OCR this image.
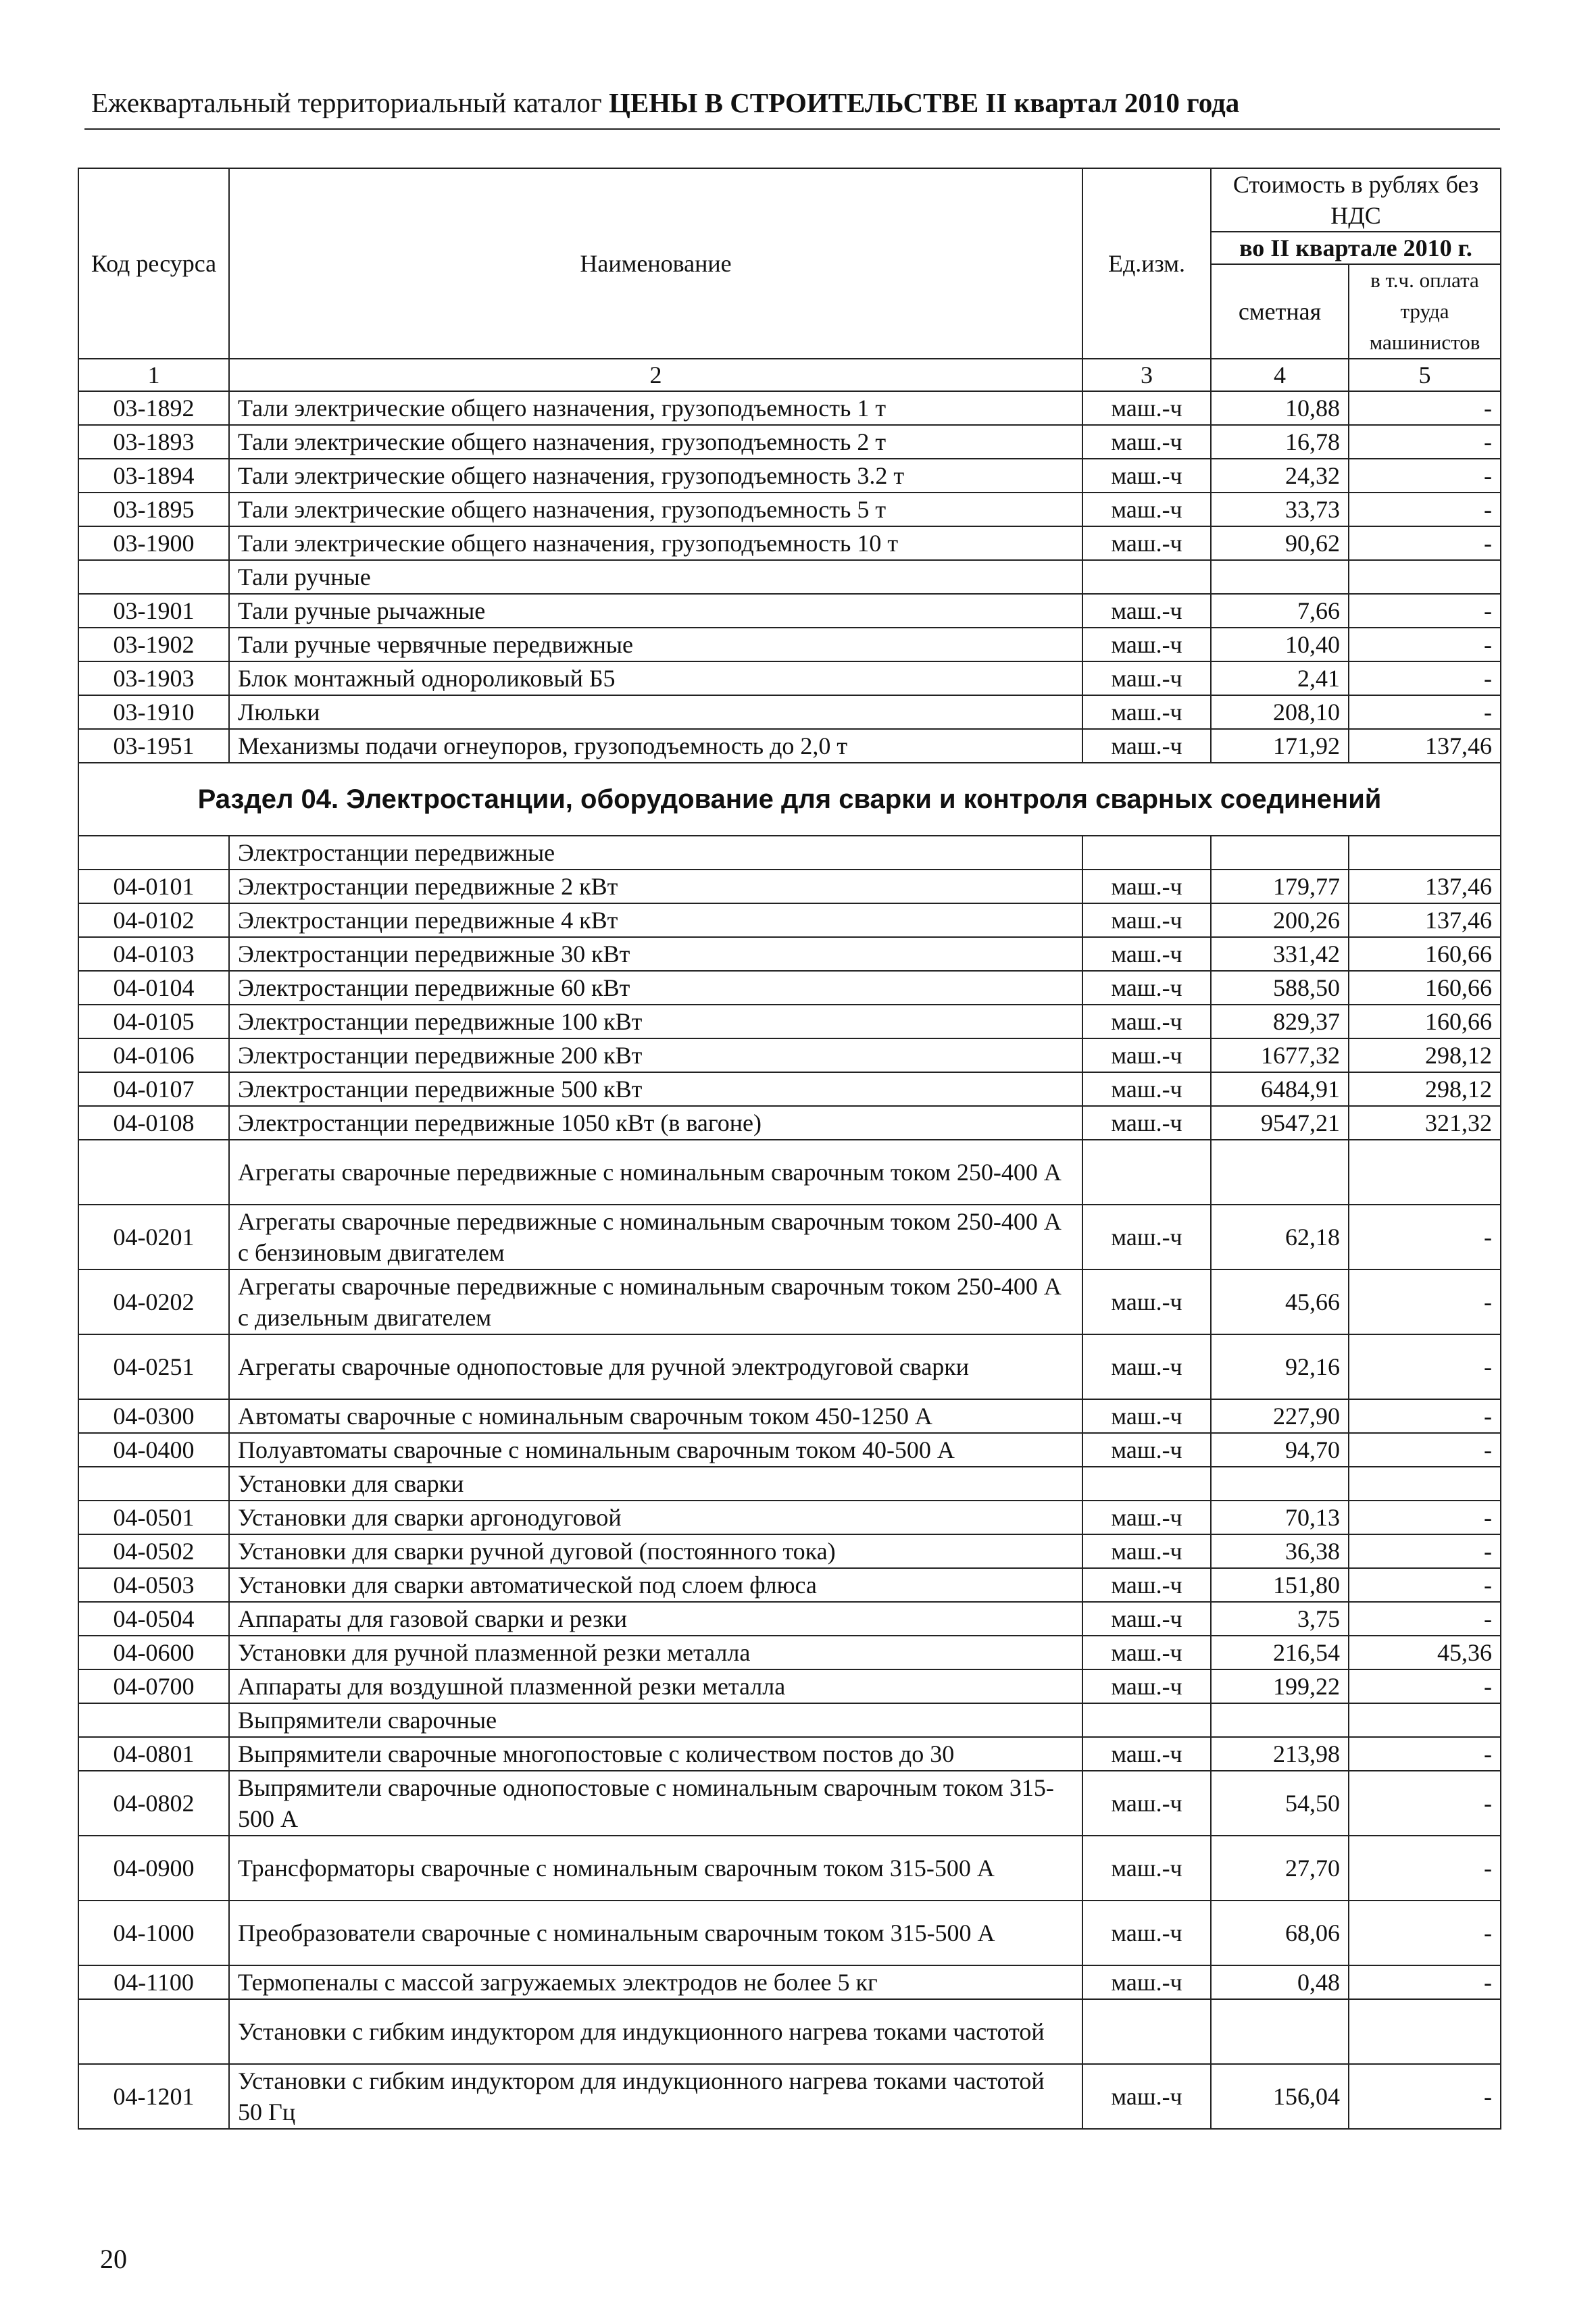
Ежеквартальный территориальный каталог ЦЕНЫ В СТРОИТЕЛЬСТВЕ II квартал 2010 года
Код ресурса	Наименование	Ед.изм.	Стоимость в рублях без НДС	
			во II квартале 2010 г.	
			сметная	в т.ч. оплата труда машинистов
1	2	3	4	5
03-1892	Тали электрические общего назначения, грузоподъемность 1 т	маш.-ч	10,88	-
03-1893	Тали электрические общего назначения, грузоподъемность 2 т	маш.-ч	16,78	-
03-1894	Тали электрические общего назначения, грузоподъемность 3.2 т	маш.-ч	24,32	-
03-1895	Тали электрические общего назначения, грузоподъемность 5 т	маш.-ч	33,73	-
03-1900	Тали электрические общего назначения, грузоподъемность 10 т	маш.-ч	90,62	-
	Тали ручные			
03-1901	Тали ручные рычажные	маш.-ч	7,66	-
03-1902	Тали ручные червячные передвижные	маш.-ч	10,40	-
03-1903	Блок монтажный однороликовый Б5	маш.-ч	2,41	-
03-1910	Люльки	маш.-ч	208,10	-
03-1951	Механизмы подачи огнеупоров, грузоподъемность до 2,0 т	маш.-ч	171,92	137,46
Раздел 04. Электростанции, оборудование для сварки и контроля сварных соединений				
	Электростанции передвижные			
04-0101	Электростанции передвижные 2 кВт	маш.-ч	179,77	137,46
04-0102	Электростанции передвижные 4 кВт	маш.-ч	200,26	137,46
04-0103	Электростанции передвижные 30 кВт	маш.-ч	331,42	160,66
04-0104	Электростанции передвижные 60 кВт	маш.-ч	588,50	160,66
04-0105	Электростанции передвижные 100 кВт	маш.-ч	829,37	160,66
04-0106	Электростанции передвижные 200 кВт	маш.-ч	1677,32	298,12
04-0107	Электростанции передвижные 500 кВт	маш.-ч	6484,91	298,12
04-0108	Электростанции передвижные 1050 кВт (в вагоне)	маш.-ч	9547,21	321,32
	Агрегаты сварочные передвижные с номинальным сварочным током 250-400 А			
04-0201	Агрегаты сварочные передвижные с номинальным сварочным током 250-400 А с бензиновым двигателем	маш.-ч	62,18	-
04-0202	Агрегаты сварочные передвижные с номинальным сварочным током 250-400 А с дизельным двигателем	маш.-ч	45,66	-
04-0251	Агрегаты сварочные однопостовые для ручной электродуговой сварки	маш.-ч	92,16	-
04-0300	Автоматы сварочные с номинальным сварочным током 450-1250 А	маш.-ч	227,90	-
04-0400	Полуавтоматы сварочные с номинальным сварочным током 40-500 А	маш.-ч	94,70	-
	Установки для сварки			
04-0501	Установки для сварки аргонодуговой	маш.-ч	70,13	-
04-0502	Установки для сварки ручной дуговой (постоянного тока)	маш.-ч	36,38	-
04-0503	Установки для сварки автоматической под слоем флюса	маш.-ч	151,80	-
04-0504	Аппараты для газовой сварки и резки	маш.-ч	3,75	-
04-0600	Установки для ручной плазменной резки металла	маш.-ч	216,54	45,36
04-0700	Аппараты для воздушной плазменной резки металла	маш.-ч	199,22	-
	Выпрямители сварочные			
04-0801	Выпрямители сварочные многопостовые с количеством постов до 30	маш.-ч	213,98	-
04-0802	Выпрямители сварочные однопостовые с номинальным сварочным током 315-500 А	маш.-ч	54,50	-
04-0900	Трансформаторы сварочные с номинальным сварочным током 315-500 А	маш.-ч	27,70	-
04-1000	Преобразователи сварочные с номинальным сварочным током 315-500 А	маш.-ч	68,06	-
04-1100	Термопеналы с массой загружаемых электродов не более 5 кг	маш.-ч	0,48	-
	Установки с гибким индуктором для индукционного нагрева токами частотой			
04-1201	Установки с гибким индуктором для индукционного нагрева токами частотой 50 Гц	маш.-ч	156,04	-
20
